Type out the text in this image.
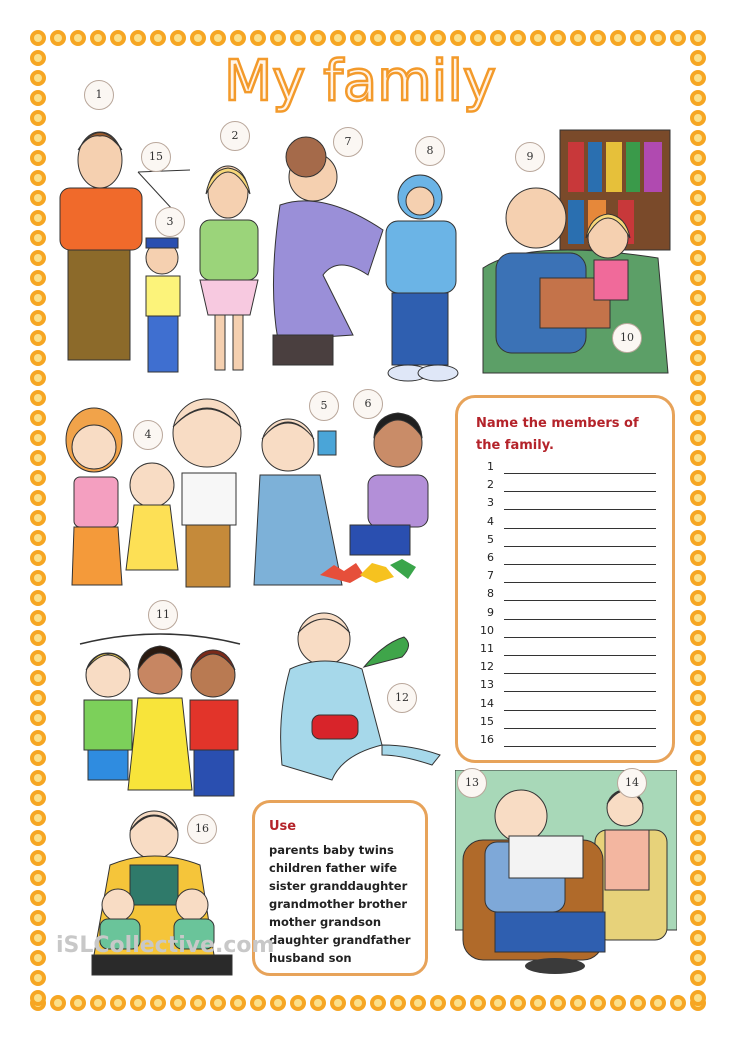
My family
1
2
3
4
5	6
7
8	9
10
11
12
13	14
15
16
Name the members of the family.
1
2
3
4
5
6
7
8
9
10
11
12
13
14
15
16
Use
parents baby twins
children father wife
sister granddaughter
grandmother brother
mother grandson
daughter grandfather
husband son
iSLCollective.com
